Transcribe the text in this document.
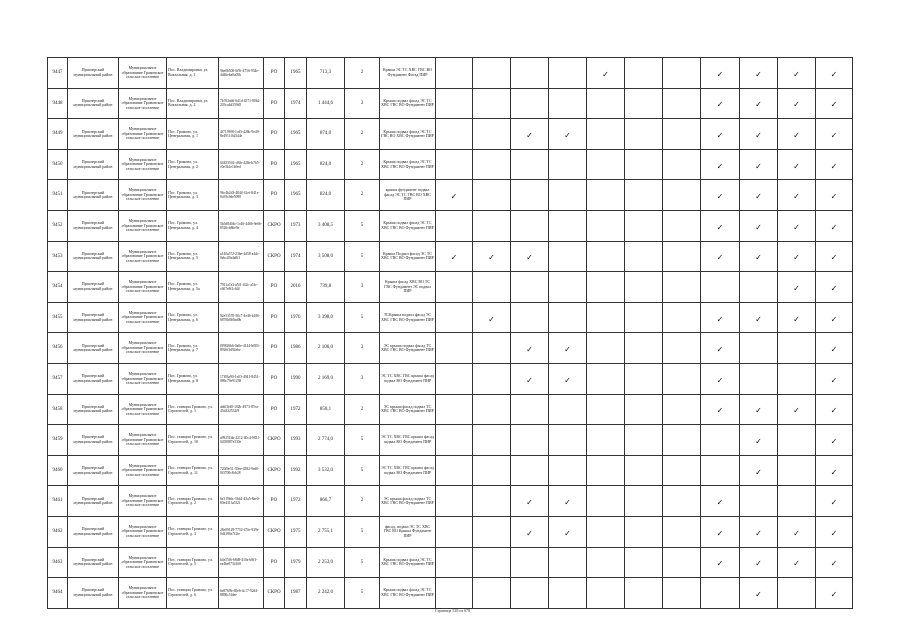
9447	Приозерский муниципальный район	Муниципальное образование Громовское сельское поселение	Пос. Владимировка, ул. Вокзальная, д. 1	9be0b500-6f9f-4756-934e-4d46eba0a05b	РО	1965	713,3	2	Крыша ЭС ТС ХВС ГВС ВО Фундамент Фасад ПИР					✓			✓	✓	✓	✓
9448	Приозерский муниципальный район	Муниципальное образование Громовское сельское поселение	Пос. Владимировка, ул. Вокзальная, д. 2	7b702ab6-6d1d-4571-80b2-203ca4d359d5	РО	1974	1 444,6	3	Крыша подвал фасад ЭС ТС ХВС ГВС ВО Фундамент ПИР								✓	✓	✓	✓
9449	Приозерский муниципальный район	Муниципальное образование Громовское сельское поселение	Пос. Громово, ул. Центральная, д. 1	4f715908-1cd5-426b-9e49-8e4911f3d344e	РО	1965	874,0	2	Крыша подвал фасад ЭС ТС ГВС ВО ХВС Фундамент ПИР			✓	✓				✓	✓	✓	✓
9450	Приозерский муниципальный район	Муниципальное образование Громовское сельское поселение	Пос. Громово, ул. Центральная, д. 2	64455502-c8fb-428e-b7b5-c0e3b1e1b9ed	РО	1965	824,0	2	Крыша подвал фасад ЭС ТС ХВС ГВС ВО Фундамент ПИР								✓	✓	✓	✓
9451	Приозерский муниципальный район	Муниципальное образование Громовское сельское поселение	Пос. Громово, ул. Центральная, д. 3	96c4b2d3-4844-41ef-841e-8c09c9de5090	РО	1965	824,0	2	крыша фундамент подвал фасад ЭС ТС ГВС ВО ХВС ПИР	✓							✓	✓	✓	✓
9452	Приозерский муниципальный район	Муниципальное образование Громовское сельское поселение	Пос. Громово, ул. Центральная, д. 4	5b5d8404c-1c46-4466-9e66-8520cb86e9e	СКРО	1973	3 408,5	5	Крыша подвал фасад ЭС ТС ХВС ГВС ВО Фундамент ПИР								✓	✓	✓	✓
9453	Приозерский муниципальный район	Муниципальное образование Громовское сельское поселение	Пос. Громово, ул. Центральная, д. 5	a140a572-23be-4d58-a4dc-0ebc49a4a8f1	СКРО	1974	3 508,0	5	Крыша Подвал фасад ЭС ТС ХВС ГВС ВО Фундамент ПИР	✓	✓	✓					✓	✓	✓	✓
9454	Приозерский муниципальный район	Муниципальное образование Громовское сельское поселение	Пос. Громово, ул. Центральная, д. 5а	7921a7a3-a5f1-4f2c-a5fc-c607e8f1c64f	РО	2016	739,8	3	Крыша фасад ХВС ВО ТС ГВС Фундамент ЭС подвал ПИР										✓	✓
9455	Приозерский муниципальный район	Муниципальное образование Громовское сельское поселение	Пос. Громово, ул. Центральная, д. 6	92e53570-50c7-4e46-b186-6870b0b9aa9b	РО	1976	3 398,0	5	ТСКрыша подвал фасад ЭС ХВС ГВС ВО Фундамент ПИР		✓						✓	✓	✓	✓
9456	Приозерский муниципальный район	Муниципальное образование Громовское сельское поселение	Пос. Громово, ул. Центральная, д. 7	f99826b6-0a0e-4144-b083-8926f3d94ebe	РО	1986	2 106,0	3	ЭС крыша подвал фасад ТС ХВС ГВС ВО Фундамент ПИР			✓	✓				✓			✓
9457	Приозерский муниципальный район	Муниципальное образование Громовское сельское поселение	Пос. Громово, ул. Центральная, д. 8	17f03a90-1e03-4941-8451-086c79e91238	РО	1990	2 169,0	3	ЭС ТС ХВС ГВС крыша фасад подвал ВО Фундамент ПИР			✓	✓				✓			✓
9458	Приозерский муниципальный район	Муниципальное образование Громовское сельское поселение	Пос. станции Громово, ул. Строителей, д. 1	ab6f3fd0-102b-4973-87ea-45d222532f9	РО	1972	850,1	2	ЭС крыша фасад подвал ТС ХВС ГВС ВО Фундамент ПИР								✓	✓	✓	✓
9459	Приозерский муниципальный район	Муниципальное образование Громовское сельское поселение	Пос. станции Громово, ул. Строителей, д. 10	a99251bb-2212-40c4-9831-0205887e330e	СКРО	1993	2 774,0	5	ЭС ТС ХВС ГВС крыша фасад подвал ВО Фундамент ПИР									✓		✓
9460	Приозерский муниципальный район	Муниципальное образование Громовское сельское поселение	Пос. станции Громово, ул. Строителей, д. 11	720f9e51-39ee-4582-9ed0-0f3700c8cb28	СКРО	1992	3 532,0	5	ЭС ТС ХВС ГВС крыша фасад подвал ВО Фундамент ПИР									✓		✓
9461	Приозерский муниципальный район	Муниципальное образование Громовское сельское поселение	Пос. станции Громово, ул. Строителей, д. 2	6e319b6c-5bb2-45a5-8ae0-69e4313a5f2f	РО	1972	866,7	2	ЭС крыша фасад подвал ТС ХВС ГВС ВО Фундамент ПИР			✓	✓				✓			✓
9462	Приозерский муниципальный район	Муниципальное образование Громовское сельское поселение	Пос. станции Громово, ул. Строителей, д. 3	28e09129-7752-47fe-939e-0d4186e7f2fe	СКРО	1975	2 755,1	5	фасад, подвал ЭС ТС ХВС ГВС ВО Крыша Фундамент ПИР			✓	✓				✓	✓	✓	✓
9463	Приозерский муниципальный район	Муниципальное образование Громовское сельское поселение	Пос. станции Громово, ул. Строителей, д. 5	b4e55f6-68d8-410a-b8f1-ea4be0734160	РО	1979	2 253,0	5	Крыша подвал фасад ЭС ТС ХВС ГВС ВО Фундамент ПИР								✓	✓	✓	✓
9464	Приозерский муниципальный район	Муниципальное образование Громовское сельское поселение	Пос. станции Громово, ул. Строителей, д. 6	6e8769b-60e6-4c17-92d4-8890c3fdee	СКРО	1987	2 242,0	5	Крыша подвал фасад ЭС ТС ХВС ГВС ВО Фундамент ПИР									✓		✓
Страница 528 из 678
